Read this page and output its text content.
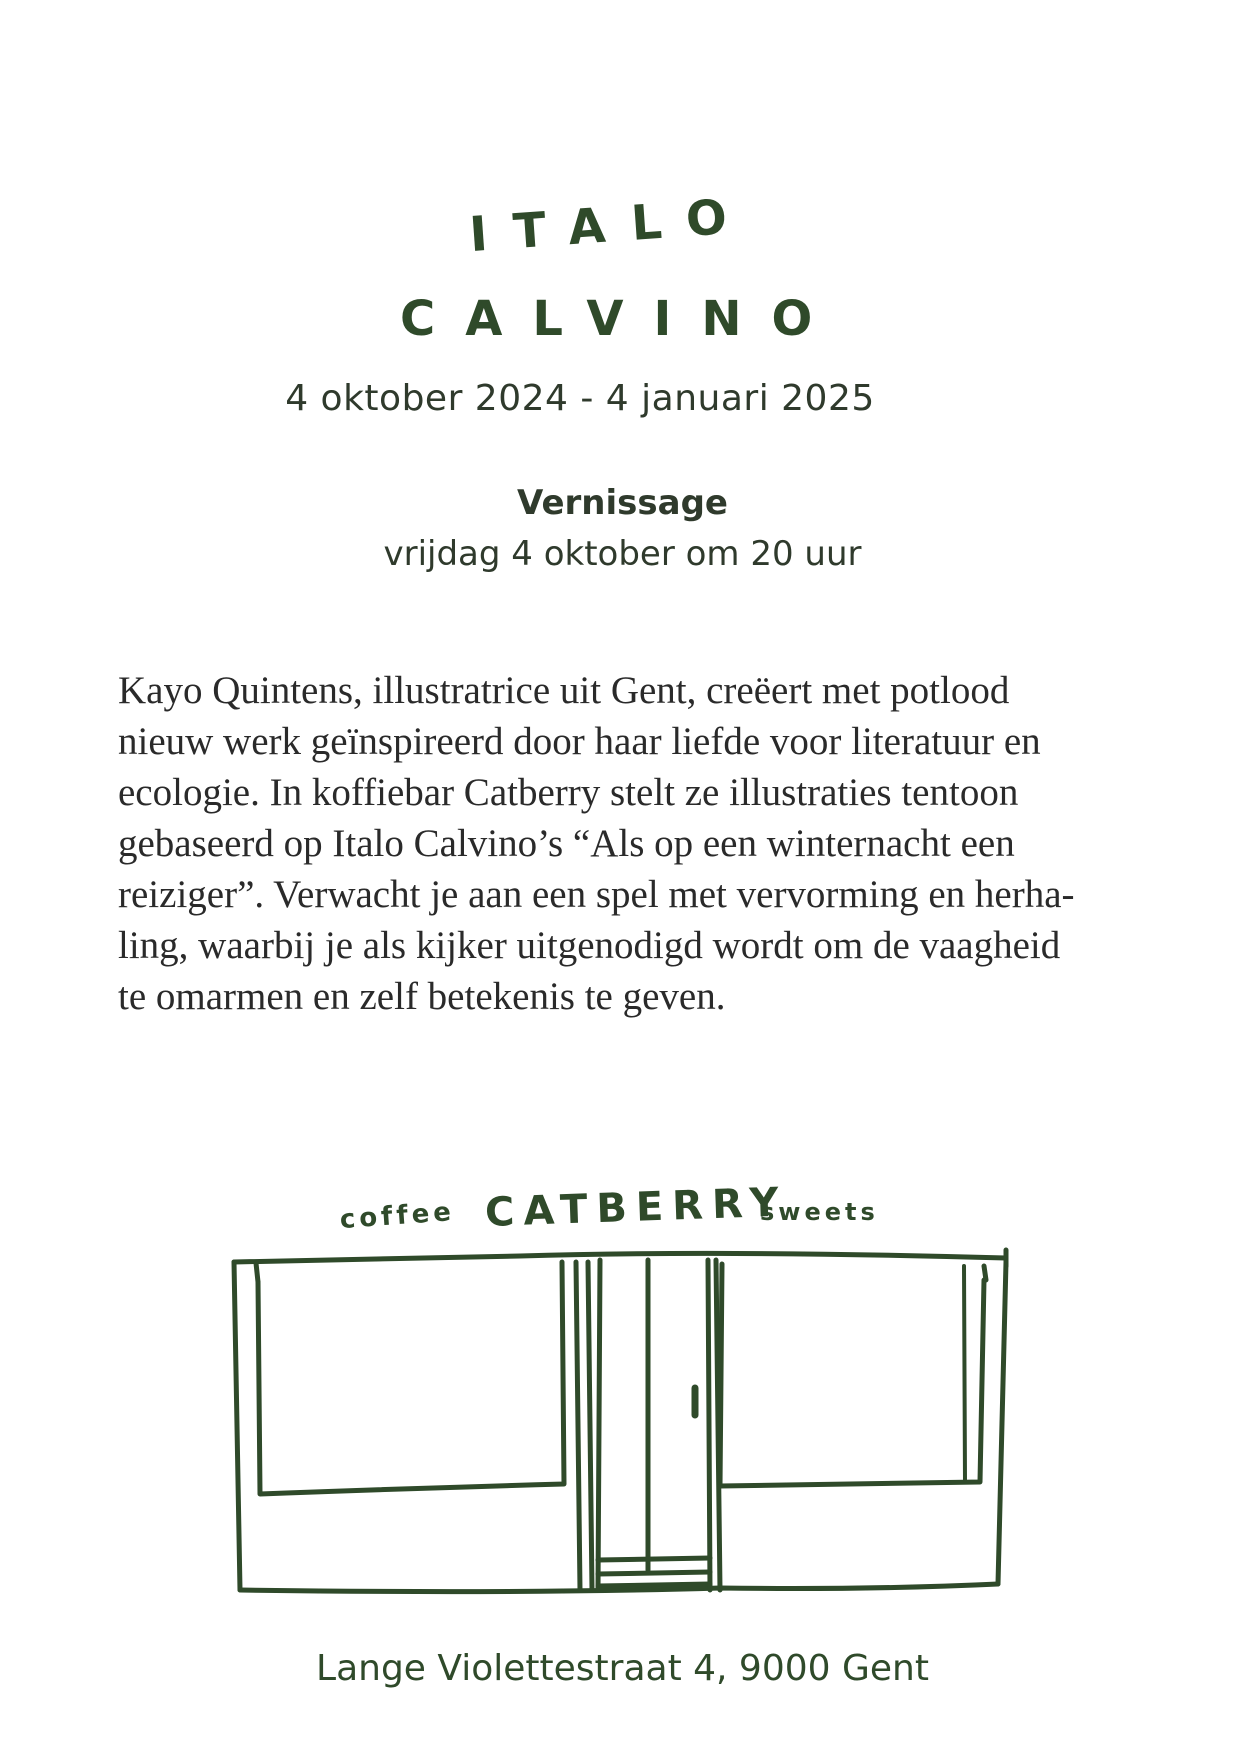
ITALO
CALVINO
4 oktober 2024 - 4 januari 2025
Vernissage
vrijdag 4 oktober om 20 uur
Kayo Quintens, illustratrice uit Gent, creëert met potlood
nieuw werk geïnspireerd door haar liefde voor literatuur en
ecologie. In koffiebar Catberry stelt ze illustraties tentoon
gebaseerd op Italo Calvino’s “Als op een winternacht een
reiziger”. Verwacht je aan een spel met vervorming en herha-
ling, waarbij je als kijker uitgenodigd wordt om de vaagheid
te omarmen en zelf betekenis te geven.
coffee CATBERRY
sweets
Lange Violettestraat 4, 9000 Gent
